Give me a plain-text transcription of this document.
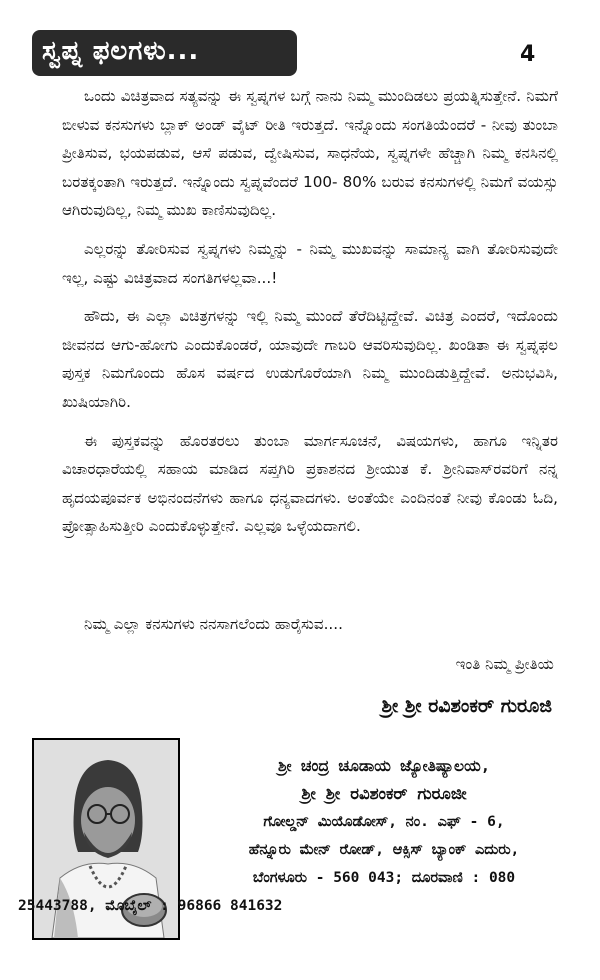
ಸ್ವಪ್ನ ಫಲಗಳು...	4

ಒಂದು ವಿಚಿತ್ರವಾದ ಸತ್ಯವನ್ನು ಈ ಸ್ವಪ್ನಗಳ ಬಗ್ಗೆ ನಾನು ನಿಮ್ಮ ಮುಂದಿಡಲು ಪ್ರಯತ್ನಿಸುತ್ತೇನೆ. ನಿಮಗೆ ಬೀಳುವ ಕನಸುಗಳು ಬ್ಲಾಕ್ ಅಂಡ್ ವೈಟ್ ರೀತಿ ಇರುತ್ತದೆ. ಇನ್ನೊಂದು ಸಂಗತಿಯೆಂದರೆ - ನೀವು ತುಂಬಾ ಪ್ರೀತಿಸುವ, ಭಯಪಡುವ, ಆಸೆ ಪಡುವ, ದ್ವೇಷಿಸುವ, ಸಾಧನೆಯ, ಸ್ವಪ್ನಗಳೇ ಹೆಚ್ಚಾಗಿ ನಿಮ್ಮ ಕನಸಿನಲ್ಲಿ ಬರತಕ್ಕಂತಾಗಿ ಇರುತ್ತದೆ. ಇನ್ನೊಂದು ಸ್ವಪ್ನವೆಂದರೆ 100- 80% ಬರುವ ಕನಸುಗಳಲ್ಲಿ ನಿಮಗೆ ವಯಸ್ಸು ಆಗಿರುವುದಿಲ್ಲ, ನಿಮ್ಮ ಮುಖ ಕಾಣಿಸುವುದಿಲ್ಲ.

ಎಲ್ಲರನ್ನು ತೋರಿಸುವ ಸ್ವಪ್ನಗಳು ನಿಮ್ಮನ್ನು - ನಿಮ್ಮ ಮುಖವನ್ನು ಸಾಮಾನ್ಯ ವಾಗಿ ತೋರಿಸುವುದೇ ಇಲ್ಲ, ಎಷ್ಟು ವಿಚಿತ್ರವಾದ ಸಂಗತಿಗಳಲ್ಲವಾ...!

ಹೌದು, ಈ ಎಲ್ಲಾ ವಿಚಿತ್ರಗಳನ್ನು ಇಲ್ಲಿ ನಿಮ್ಮ ಮುಂದೆ ತೆರೆದಿಟ್ಟಿದ್ದೇವೆ. ವಿಚಿತ್ರ ಎಂದರೆ, ಇದೊಂದು ಜೀವನದ ಆಗು-ಹೋಗು ಎಂದುಕೊಂಡರೆ, ಯಾವುದೇ ಗಾಬರಿ ಆವರಿಸುವುದಿಲ್ಲ. ಖಂಡಿತಾ ಈ ಸ್ವಪ್ನಫಲ ಪುಸ್ತಕ ನಿಮಗೊಂದು ಹೊಸ ವರ್ಷದ ಉಡುಗೊರೆಯಾಗಿ ನಿಮ್ಮ ಮುಂದಿಡುತ್ತಿದ್ದೇವೆ. ಅನುಭವಿಸಿ, ಖುಷಿಯಾಗಿರಿ.

ಈ ಪುಸ್ತಕವನ್ನು ಹೊರತರಲು ತುಂಬಾ ಮಾರ್ಗಸೂಚನೆ, ವಿಷಯಗಳು, ಹಾಗೂ ಇನ್ನಿತರ ವಿಚಾರಧಾರೆಯಲ್ಲಿ ಸಹಾಯ ಮಾಡಿದ ಸಪ್ತಗಿರಿ ಪ್ರಕಾಶನದ ಶ್ರೀಯುತ ಕೆ. ಶ್ರೀನಿವಾಸ್‌ರವರಿಗೆ ನನ್ನ ಹೃದಯಪೂರ್ವಕ ಅಭಿನಂದನೆಗಳು ಹಾಗೂ ಧನ್ಯವಾದಗಳು. ಅಂತೆಯೇ ಎಂದಿನಂತೆ ನೀವು ಕೊಂಡು ಓದಿ, ಪ್ರೋತ್ಸಾಹಿಸುತ್ತೀರಿ ಎಂದುಕೊಳ್ಳುತ್ತೇನೆ. ಎಲ್ಲವೂ ಒಳ್ಳೆಯದಾಗಲಿ.

ನಿಮ್ಮ ಎಲ್ಲಾ ಕನಸುಗಳು ನನಸಾಗಲೆಂದು ಹಾರೈಸುವ....

ಇಂತಿ ನಿಮ್ಮ ಪ್ರೀತಿಯ

ಶ್ರೀ ಶ್ರೀ ರವಿಶಂಕರ್ ಗುರೂಜಿ

ಶ್ರೀ ಚಂದ್ರ ಚೂಡಾಯ ಜ್ಯೋತಿಷ್ಯಾಲಯ,
ಶ್ರೀ ಶ್ರೀ ರವಿಶಂಕರ್ ಗುರೂಜೀ
ಗೋಲ್ಡನ್ ಮಿಯೊಡೋಸ್, ನಂ. ಎಫ್ - 6,
ಹೆನ್ನೂರು ಮೇನ್ ರೋಡ್, ಆಕ್ಸಿಸ್ ಬ್ಯಾಂಕ್ ಎದುರು,
ಬೆಂಗಳೂರು - 560 043; ದೂರವಾಣಿ : 080
25443788, ಮೊಬೈಲ್ : 96866 841632
